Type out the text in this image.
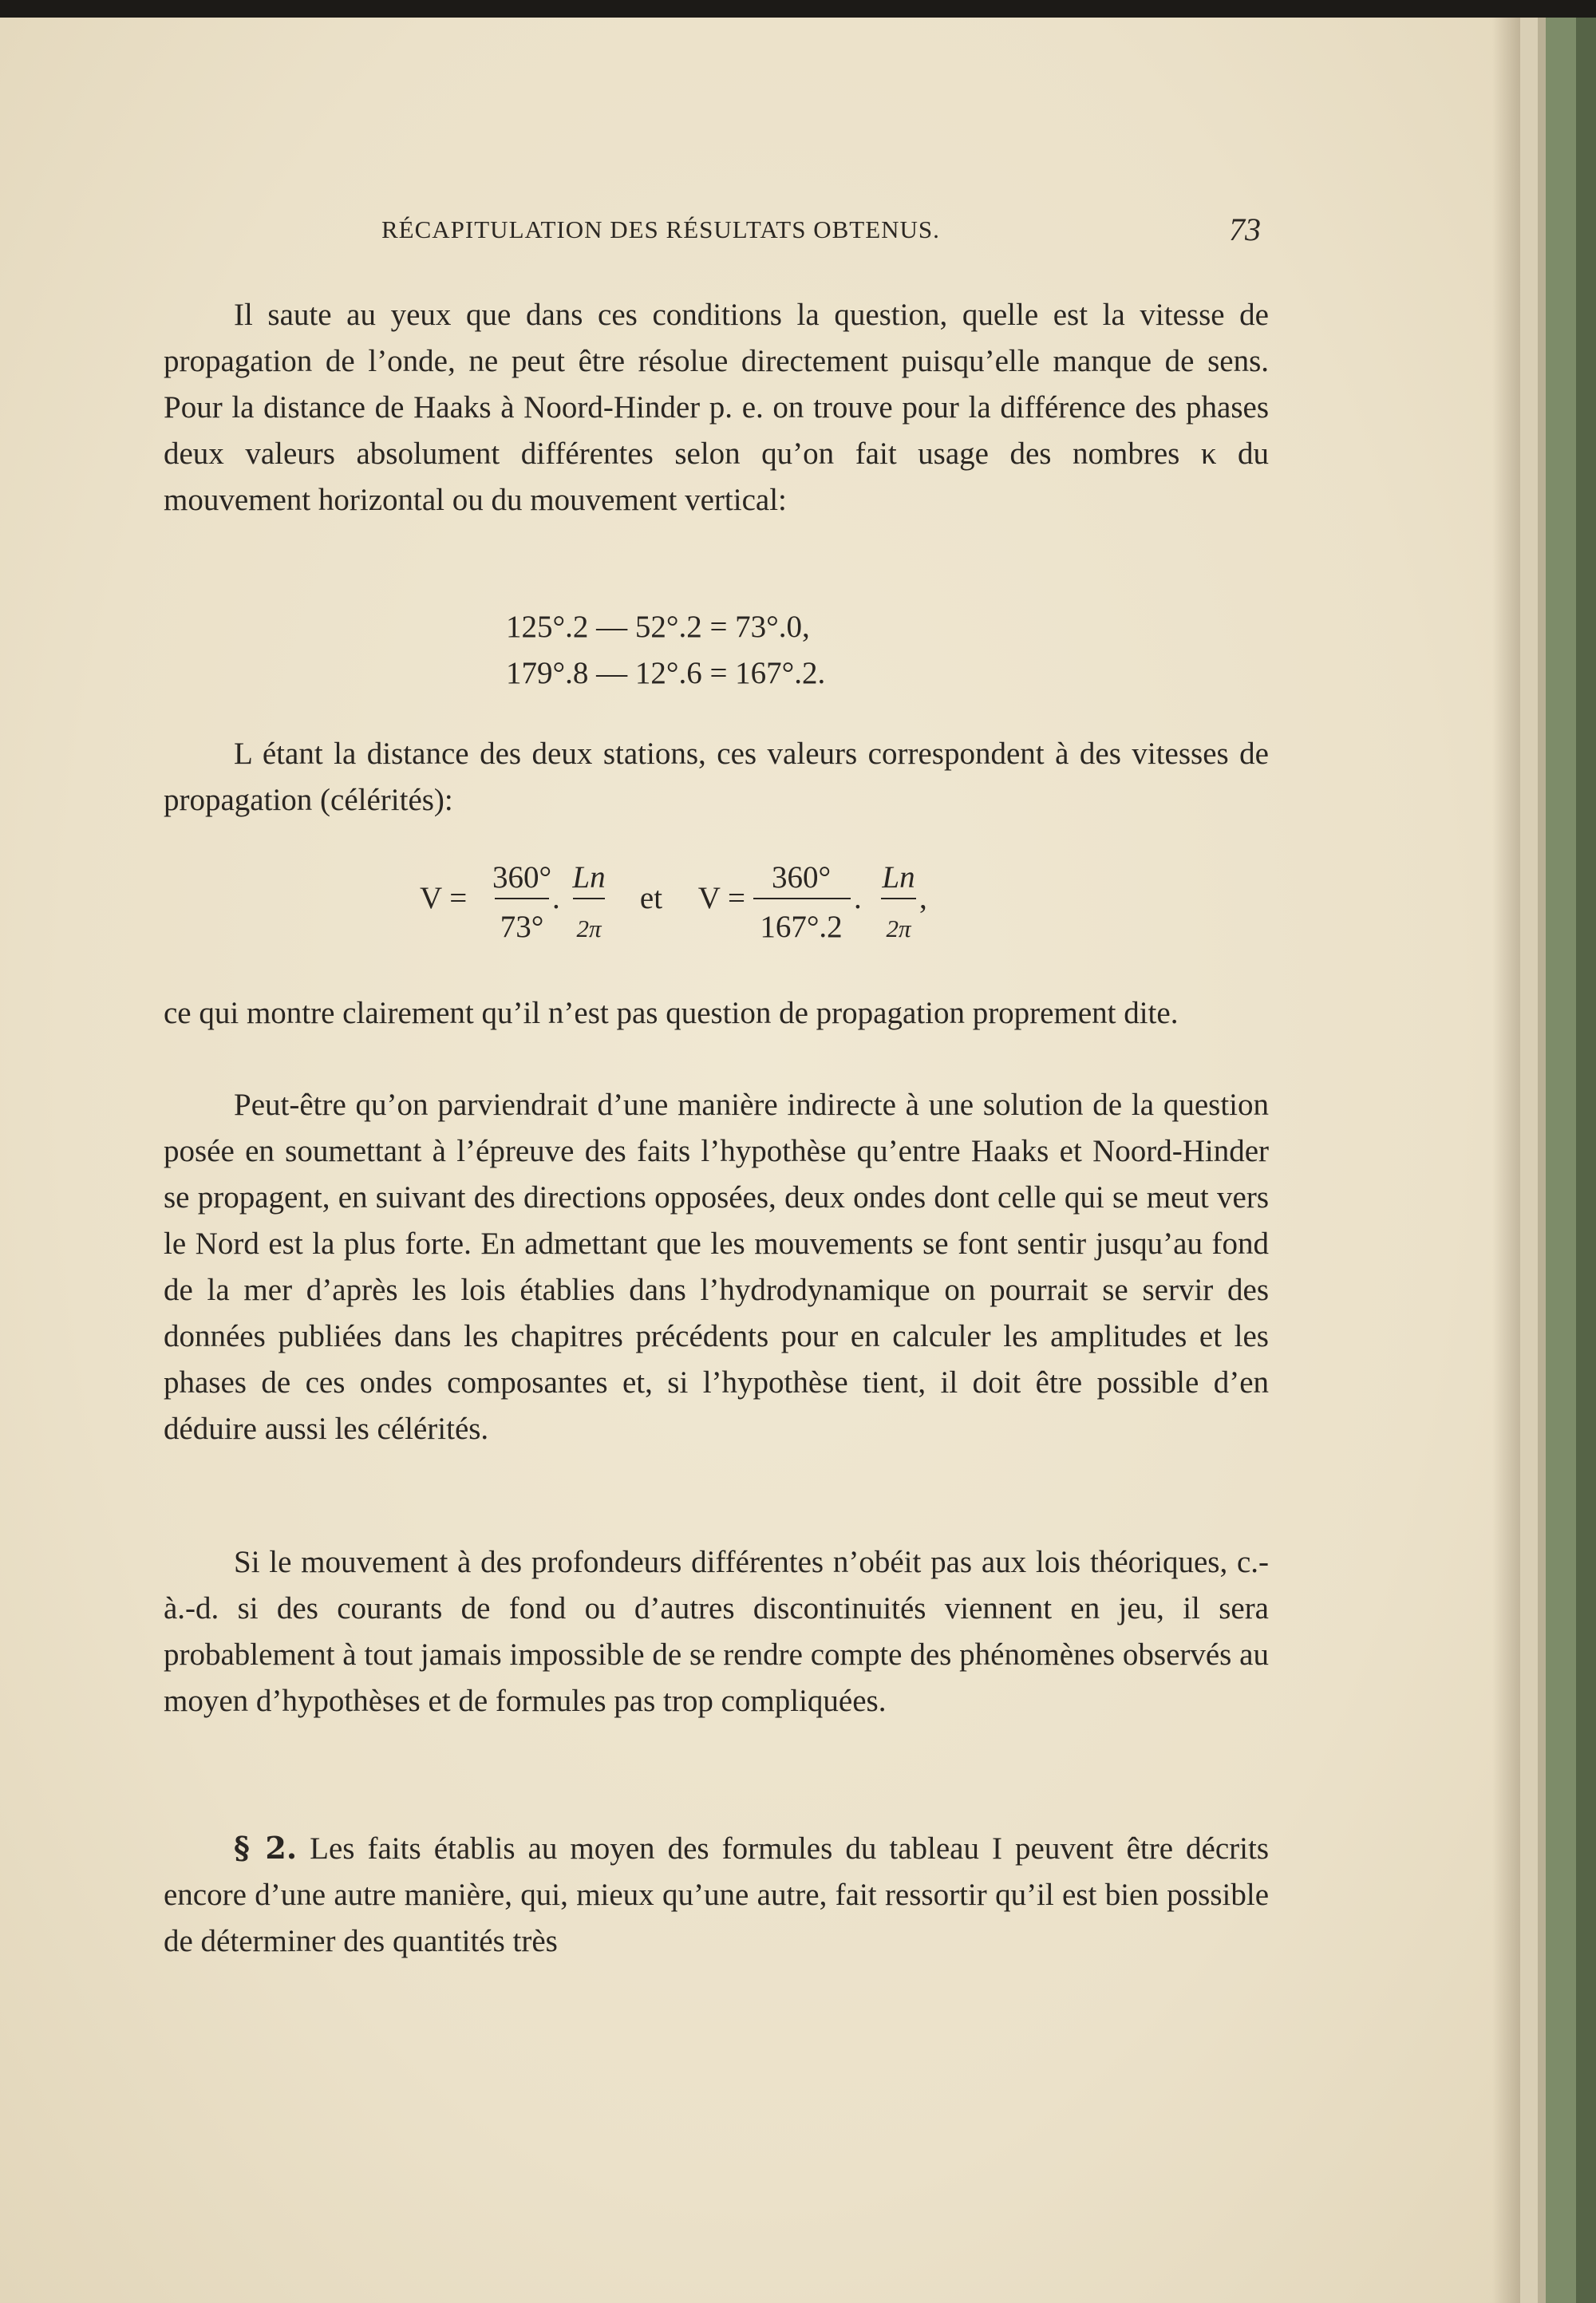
RÉCAPITULATION DES RÉSULTATS OBTENUS.	73

Il saute au yeux que dans ces conditions la question, quelle est la vitesse de propagation de l’onde, ne peut être résolue directement puisqu’elle manque de sens. Pour la distance de Haaks à Noord-Hinder p. e. on trouve pour la différence des phases deux valeurs absolument différentes selon qu’on fait usage des nombres κ du mouvement horizontal ou du mouvement vertical:

125°.2 — 52°.2 = 73°.0,
179°.8 — 12°.6 = 167°.2.

L étant la distance des deux stations, ces valeurs correspondent à des vitesses de propagation (célérités):

V =
360°
73°
.
Ln
2π
et V =
360°
167°.2
.
Ln
2π
,

ce qui montre clairement qu’il n’est pas question de propagation proprement dite.

Peut-être qu’on parviendrait d’une manière indirecte à une solution de la question posée en soumettant à l’épreuve des faits l’hypothèse qu’entre Haaks et Noord-Hinder se propagent, en suivant des directions opposées, deux ondes dont celle qui se meut vers le Nord est la plus forte. En admettant que les mouvements se font sentir jusqu’au fond de la mer d’après les lois établies dans l’hydrodynamique on pourrait se servir des données publiées dans les chapitres précédents pour en calculer les amplitudes et les phases de ces ondes composantes et, si l’hypothèse tient, il doit être possible d’en déduire aussi les célérités.

Si le mouvement à des profondeurs différentes n’obéit pas aux lois théoriques, c.-à.-d. si des courants de fond ou d’autres discontinuités viennent en jeu, il sera probablement à tout jamais impossible de se rendre compte des phénomènes observés au moyen d’hypothèses et de formules pas trop compliquées.

§ 2. Les faits établis au moyen des formules du tableau I peuvent être décrits encore d’une autre manière, qui, mieux qu’une autre, fait ressortir qu’il est bien possible de déterminer des quantités très
